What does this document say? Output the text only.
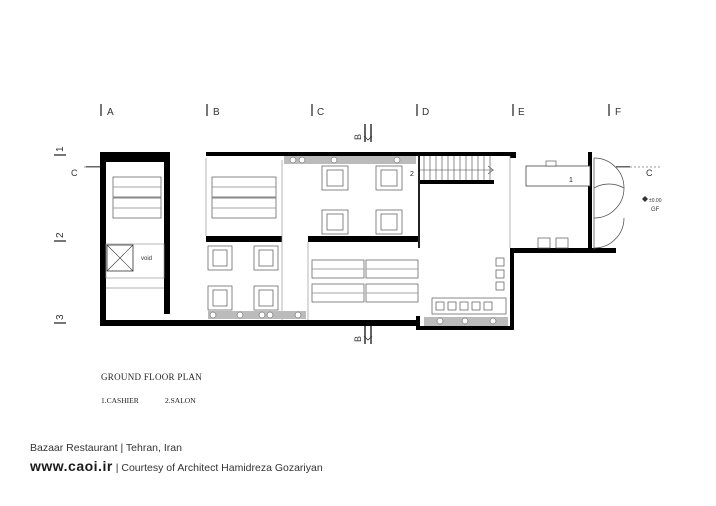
A	B	C	D	E	F
1
2
3
B
B
C	C
void
2
1
±0.00
GF
GROUND FLOOR PLAN
1.CASHIER	2.SALON
Bazaar Restaurant | Tehran, Iran
www.caoi.ir | Courtesy of Architect Hamidreza Gozariyan
